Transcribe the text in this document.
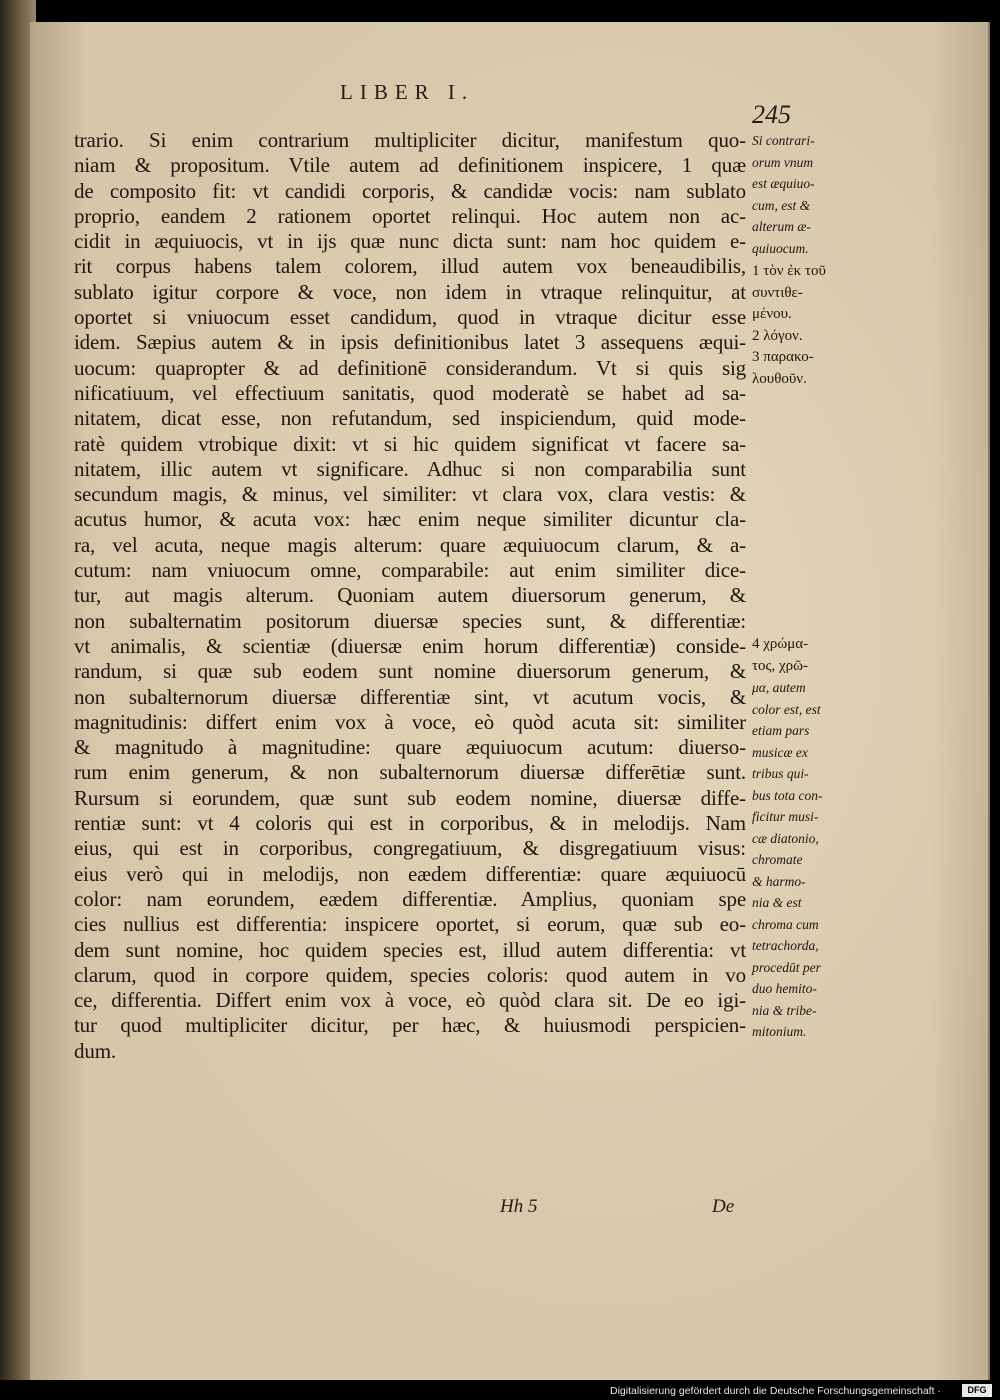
LIBER I.
245
trario. Si enim contrarium multipliciter dicitur, manifestum quo-
niam & propositum. Vtile autem ad definitionem inspicere, 1 quæ
de composito fit: vt candidi corporis, & candidæ vocis: nam sublato
proprio, eandem 2 rationem oportet relinqui. Hoc autem non ac-
cidit in æquiuocis, vt in ijs quæ nunc dicta sunt: nam hoc quidem e-
rit corpus habens talem colorem, illud autem vox beneaudibilis,
sublato igitur corpore & voce, non idem in vtraque relinquitur, at
oportet si vniuocum esset candidum, quod in vtraque dicitur esse
idem. Sæpius autem & in ipsis definitionibus latet 3 assequens æqui-
uocum: quapropter & ad definitionē considerandum. Vt si quis sig
nificatiuum, vel effectiuum sanitatis, quod moderatè se habet ad sa-
nitatem, dicat esse, non refutandum, sed inspiciendum, quid mode-
ratè quidem vtrobique dixit: vt si hic quidem significat vt facere sa-
nitatem, illic autem vt significare. Adhuc si non comparabilia sunt
secundum magis, & minus, vel similiter: vt clara vox, clara vestis: &
acutus humor, & acuta vox: hæc enim neque similiter dicuntur cla-
ra, vel acuta, neque magis alterum: quare æquiuocum clarum, & a-
cutum: nam vniuocum omne, comparabile: aut enim similiter dice-
tur, aut magis alterum. Quoniam autem diuersorum generum, &
non subalternatim positorum diuersæ species sunt, & differentiæ:
vt animalis, & scientiæ (diuersæ enim horum differentiæ) conside-
randum, si quæ sub eodem sunt nomine diuersorum generum, &
non subalternorum diuersæ differentiæ sint, vt acutum vocis, &
magnitudinis: differt enim vox à voce, eò quòd acuta sit: similiter
& magnitudo à magnitudine: quare æquiuocum acutum: diuerso-
rum enim generum, & non subalternorum diuersæ differētiæ sunt.
Rursum si eorundem, quæ sunt sub eodem nomine, diuersæ diffe-
rentiæ sunt: vt 4 coloris qui est in corporibus, & in melodijs. Nam
eius, qui est in corporibus, congregatiuum, & disgregatiuum visus:
eius verò qui in melodijs, non eædem differentiæ: quare æquiuocū
color: nam eorundem, eædem differentiæ. Amplius, quoniam spe
cies nullius est differentia: inspicere oportet, si eorum, quæ sub eo-
dem sunt nomine, hoc quidem species est, illud autem differentia: vt
clarum, quod in corpore quidem, species coloris: quod autem in vo
ce, differentia. Differt enim vox à voce, eò quòd clara sit. De eo igi-
tur quod multipliciter dicitur, per hæc, & huiusmodi perspicien-
dum.
Si contrari-
orum vnum
est æquiuo-
cum, est &
alterum æ-
quiuocum.
1 τὸν ἐκ τοῦ
συντιθε-
μένου.
2 λόγον.
3 παρακο-
λουθοῦν.
4 χρώμα-
τος, χρῶ-
μα, autem
color est, est
etiam pars
musicæ ex
tribus qui-
bus tota con-
ficitur musi-
cæ diatonio,
chromate
& harmo-
nia & est
chroma cum
tetrachorda,
procedūt per
duo hemito-
nia & tribe-
mitonium.
Hh 5	De
Digitalisierung gefördert durch die Deutsche Forschungsgemeinschaft ·	DFG
